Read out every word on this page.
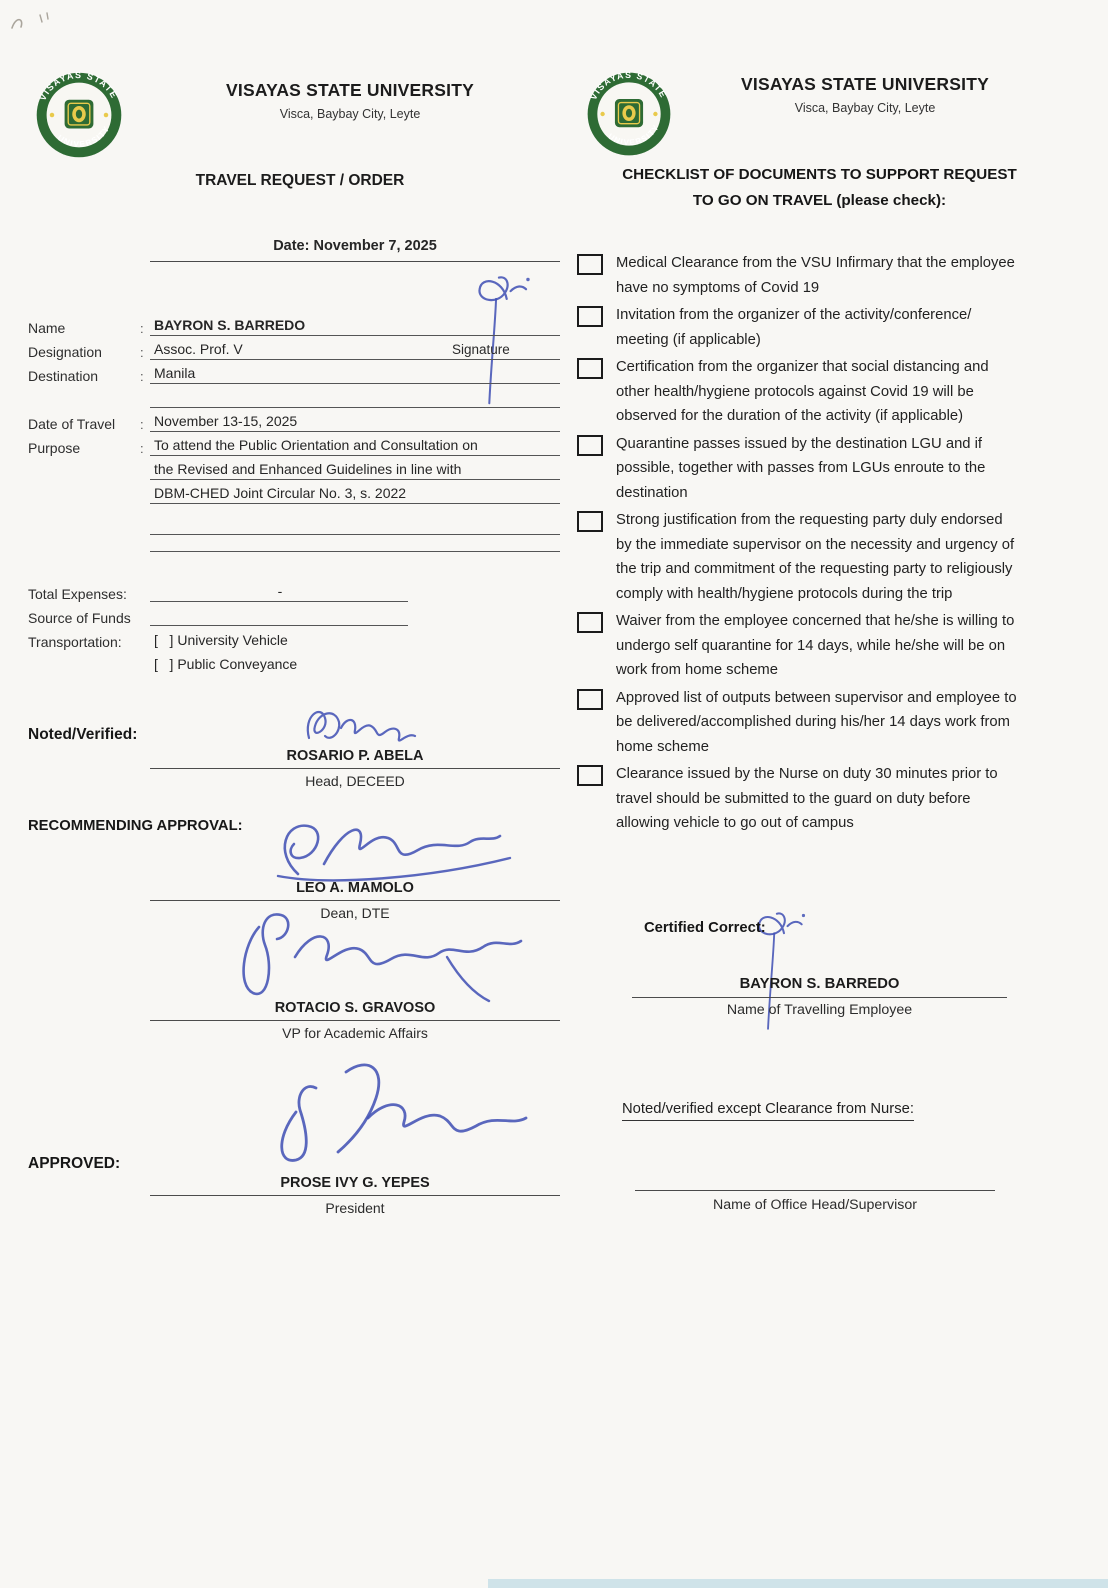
VISAYAS STATE UNIVERSITY
Visca, Baybay City, Leyte
TRAVEL REQUEST / ORDER
Date: November 7, 2025
Signature
Name	: BAYRON S. BARREDO
Designation	: Assoc. Prof. V
Destination	: Manila
Date of Travel	: November 13-15, 2025
Purpose	: To attend the Public Orientation and Consultation on
the Revised and Enhanced Guidelines in line with
DBM-CHED Joint Circular No. 3, s. 2022
Total Expenses:	-
Source of Funds
Transportation:	[   ] University Vehicle
[   ] Public Conveyance
Noted/Verified:
ROSARIO P. ABELA
Head, DECEED
RECOMMENDING APPROVAL:
LEO A. MAMOLO
Dean, DTE
ROTACIO S. GRAVOSO
VP for Academic Affairs
APPROVED:
PROSE IVY G. YEPES
President
VISAYAS STATE UNIVERSITY
Visca, Baybay City, Leyte
CHECKLIST OF DOCUMENTS TO SUPPORT REQUEST
TO GO ON TRAVEL (please check):
Medical Clearance from the VSU Infirmary that the employee have no symptoms of Covid 19
Invitation from the organizer of the activity/conference/ meeting (if applicable)
Certification from the organizer that social distancing and other health/hygiene protocols against Covid 19 will be observed for the duration of the activity (if applicable)
Quarantine passes issued by the destination LGU and if possible, together with passes from LGUs enroute to the destination
Strong justification from the requesting party duly endorsed by the immediate supervisor on the necessity and urgency of the trip and commitment of the requesting party to religiously comply with health/hygiene protocols during the trip
Waiver from the employee concerned that he/she is willing to undergo self quarantine for 14 days, while he/she will be on work from home scheme
Approved list of outputs between supervisor and employee to be delivered/accomplished during his/her 14 days work from home scheme
Clearance issued by the Nurse on duty 30 minutes prior to travel should be submitted to the guard on duty before allowing vehicle to go out of campus
Certified Correct:
BAYRON S. BARREDO
Name of Travelling Employee
Noted/verified except Clearance from Nurse:
Name of Office Head/Supervisor
